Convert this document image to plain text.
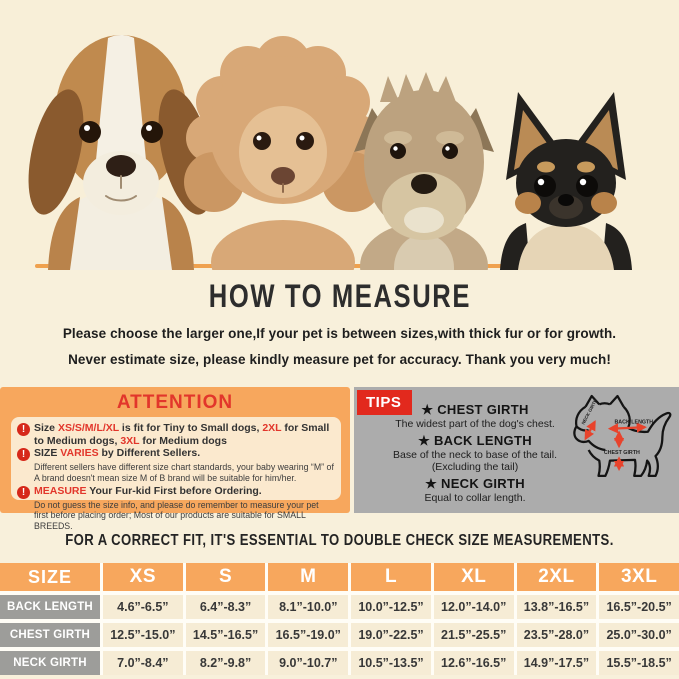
HOW TO MEASURE
Please choose the larger one,If your pet is between sizes,with thick fur or for growth.
Never estimate size, please kindly measure pet for accuracy. Thank you very much!
ATTENTION
! Size XS/S/M/L/XL is fit for Tiny to Small dogs, 2XL for Small to Medium dogs, 3XL for Medium dogs
! SIZE VARIES by Different Sellers.
Different sellers have different size chart standards, your baby wearing “M” of A brand doesn't mean size M of B brand will be suitable for him/her.
! MEASURE Your Fur-kid First before Ordering.
Do not guess the size info, and please do remember to measure your pet first before placing order; Most of our products are suitable for SMALL BREEDS.
TIPS	★ CHEST GIRTH
The widest part of the dog's chest.
★ BACK LENGTH
Base of the neck to base of the tail.
(Excluding the tail)
★ NECK GIRTH
Equal to collar length.
BACK LENGTH
NECK GIRTH
CHEST GIRTH
FOR A CORRECT FIT, IT'S ESSENTIAL TO DOUBLE CHECK SIZE MEASUREMENTS.
SIZE	XS	S	M	L	XL	2XL	3XL
BACK LENGTH	4.6”-6.5”	6.4”-8.3”	8.1”-10.0”	10.0”-12.5”	12.0”-14.0”	13.8”-16.5”	16.5”-20.5”
CHEST GIRTH	12.5”-15.0”	14.5”-16.5”	16.5”-19.0”	19.0”-22.5”	21.5”-25.5”	23.5”-28.0”	25.0”-30.0”
NECK GIRTH	7.0”-8.4”	8.2”-9.8”	9.0”-10.7”	10.5”-13.5”	12.6”-16.5”	14.9”-17.5”	15.5”-18.5”
